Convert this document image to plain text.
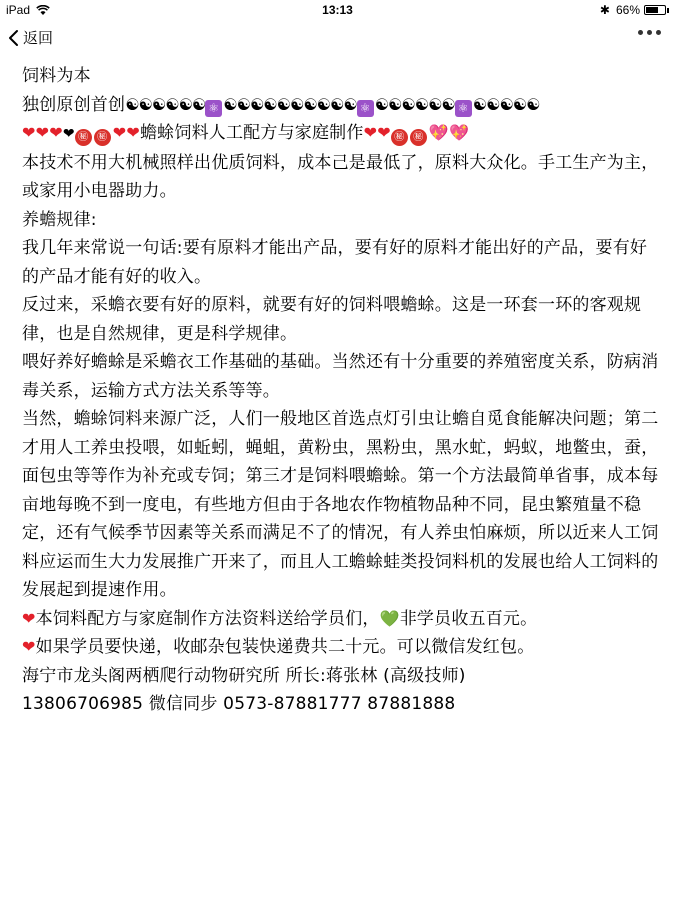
iPad	13:13	✱ 66%
返回

饲料为本

独创原创首创☯☯☯☯☯☯ ⚛ ☯☯☯☯☯☯☯☯☯☯ ⚛ ☯☯☯☯☯☯ ⚛ ☯☯☯☯☯

❤❤❤❤ ㊙ ㊙ ❤❤蟾蜍饲料人工配方与家庭制作❤❤ ㊙ ㊙ 💖💖

本技术不用大机械照样出优质饲料，成本己是最低了，原料大众化。手工生产为主，或家用小电器助力。

养蟾规律:

我几年来常说一句话:要有原料才能出产品，要有好的原料才能出好的产品，要有好的产品才能有好的收入。

反过来，采蟾衣要有好的原料，就要有好的饲料喂蟾蜍。这是一环套一环的客观规律，也是自然规律，更是科学规律。

喂好养好蟾蜍是采蟾衣工作基础的基础。当然还有十分重要的养殖密度关系，防病消毒关系，运输方式方法关系等等。

当然，蟾蜍饲料来源广泛，人们一般地区首选点灯引虫让蟾自觅食能解决问题；第二才用人工养虫投喂，如蚯蚓，蝇蛆，黄粉虫，黑粉虫，黑水虻，蚂蚁，地鳖虫，蚕，面包虫等等作为补充或专饲；第三才是饲料喂蟾蜍。第一个方法最简单省事，成本每亩地每晚不到一度电，有些地方但由于各地农作物植物品种不同，昆虫繁殖量不稳定，还有气候季节因素等关系而满足不了的情况，有人养虫怕麻烦，所以近来人工饲料应运而生大力发展推广开来了，而且人工蟾蜍蛙类投饲料机的发展也给人工饲料的发展起到提速作用。

❤本饲料配方与家庭制作方法资料送给学员们，💚非学员收五百元。

❤如果学员要快递，收邮杂包装快递费共二十元。可以微信发红包。

海宁市龙头阁两栖爬行动物研究所 所长:蒋张林 (高级技师)

13806706985 微信同步 0573-87881777 87881888
